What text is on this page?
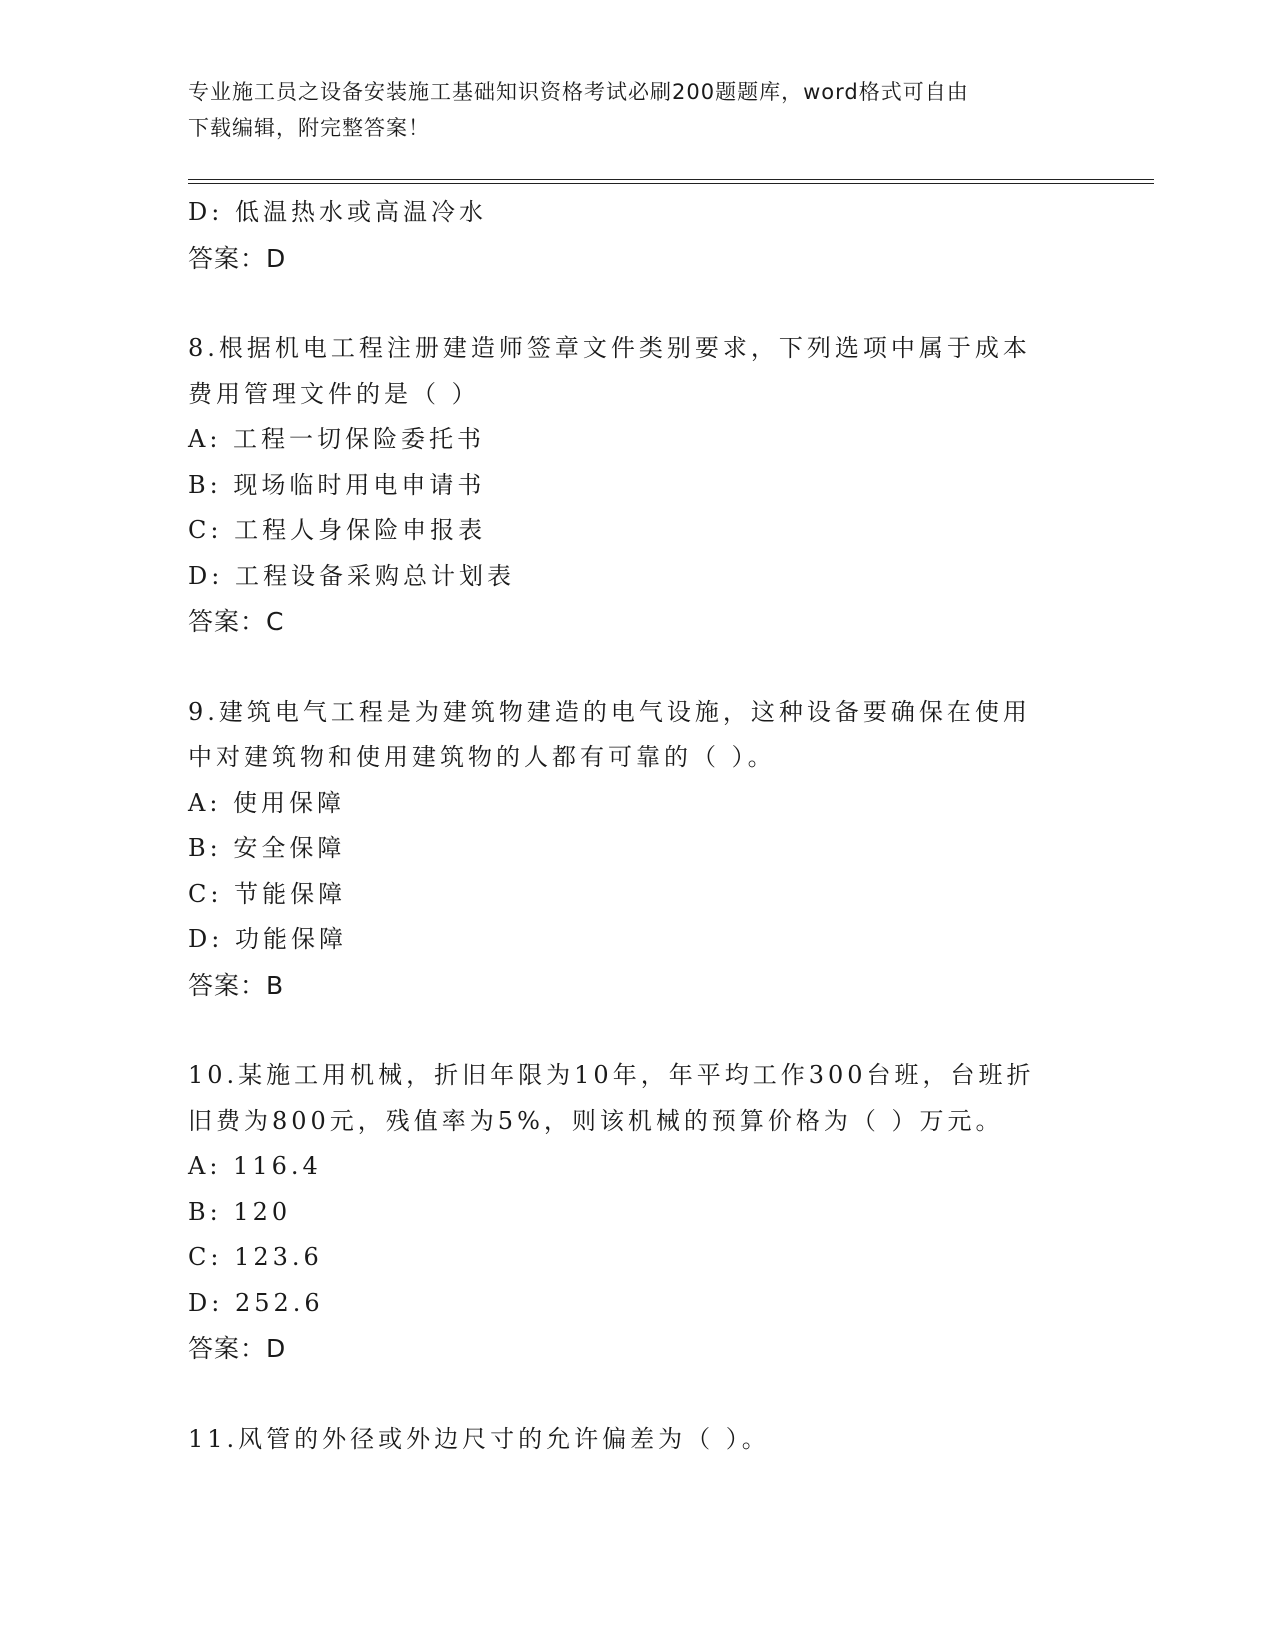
专业施工员之设备安装施工基础知识资格考试必刷200题题库，word格式可自由
下载编辑，附完整答案！
D: 低温热水或高温冷水
答案：D
8.根据机电工程注册建造师签章文件类别要求，下列选项中属于成本
费用管理文件的是（ ）
A: 工程一切保险委托书
B: 现场临时用电申请书
C: 工程人身保险申报表
D: 工程设备采购总计划表
答案：C
9.建筑电气工程是为建筑物建造的电气设施，这种设备要确保在使用
中对建筑物和使用建筑物的人都有可靠的（ ）。
A: 使用保障
B: 安全保障
C: 节能保障
D: 功能保障
答案：B
10.某施工用机械，折旧年限为10年，年平均工作300台班，台班折
旧费为800元，残值率为5%，则该机械的预算价格为（ ）万元。
A: 116.4
B: 120
C: 123.6
D: 252.6
答案：D
11.风管的外径或外边尺寸的允许偏差为（ ）。
